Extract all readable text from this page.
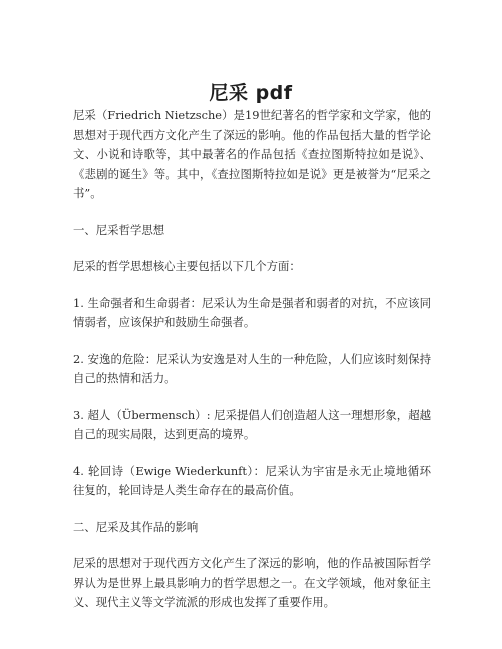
尼采 pdf

尼采（Friedrich Nietzsche）是19世纪著名的哲学家和文学家，他的思想对于现代西方文化产生了深远的影响。他的作品包括大量的哲学论文、小说和诗歌等，其中最著名的作品包括《查拉图斯特拉如是说》、《悲剧的诞生》等。其中，《查拉图斯特拉如是说》更是被誉为“尼采之书”。

一、尼采哲学思想

尼采的哲学思想核心主要包括以下几个方面：

1. 生命强者和生命弱者：尼采认为生命是强者和弱者的对抗，不应该同情弱者，应该保护和鼓励生命强者。

2. 安逸的危险：尼采认为安逸是对人生的一种危险，人们应该时刻保持自己的热情和活力。

3. 超人（Übermensch）: 尼采提倡人们创造超人这一理想形象，超越自己的现实局限，达到更高的境界。

4. 轮回诗（Ewige Wiederkunft）：尼采认为宇宙是永无止境地循环往复的，轮回诗是人类生命存在的最高价值。

二、尼采及其作品的影响

尼采的思想对于现代西方文化产生了深远的影响，他的作品被国际哲学界认为是世界上最具影响力的哲学思想之一。在文学领域，他对象征主义、现代主义等文学流派的形成也发挥了重要作用。
